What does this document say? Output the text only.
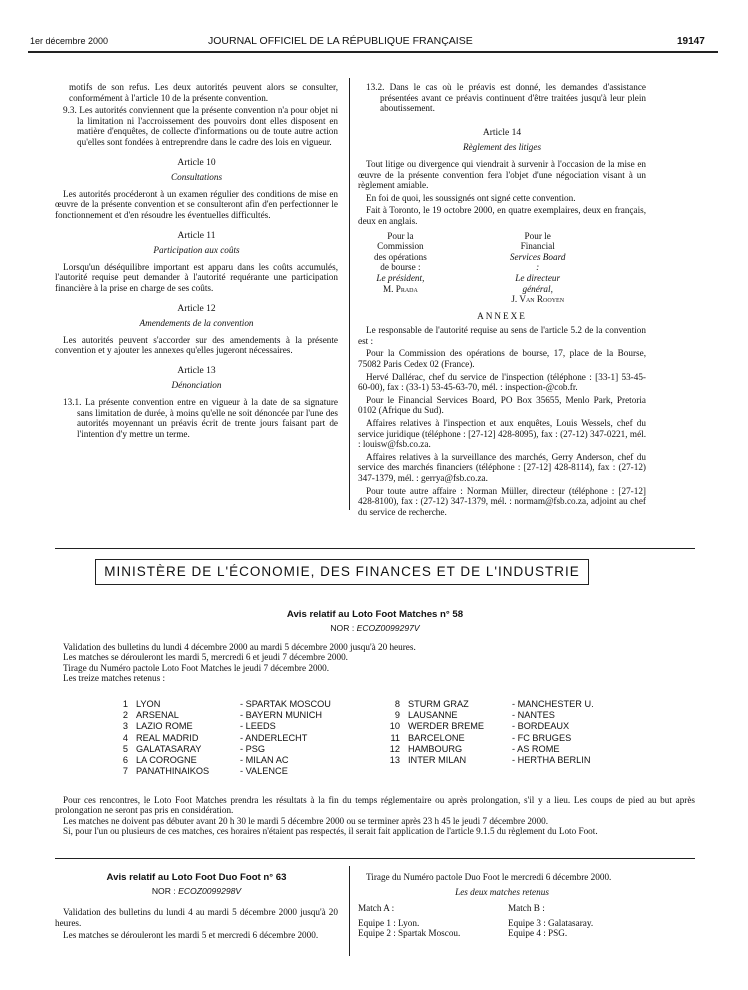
1er décembre 2000	JOURNAL OFFICIEL DE LA RÉPUBLIQUE FRANÇAISE	19147

motifs de son refus. Les deux autorités peuvent alors se consulter, conformément à l'article 10 de la présente convention.

9.3. Les autorités conviennent que la présente convention n'a pour objet ni la limitation ni l'accroissement des pouvoirs dont elles disposent en matière d'enquêtes, de collecte d'informations ou de toute autre action qu'elles sont fondées à entreprendre dans le cadre des lois en vigueur.
Article 10
Consultations

Les autorités procéderont à un examen régulier des conditions de mise en œuvre de la présente convention et se consulteront afin d'en perfectionner le fonctionnement et d'en résoudre les éventuelles difficultés.

Article 11
Participation aux coûts

Lorsqu'un déséquilibre important est apparu dans les coûts accumulés, l'autorité requise peut demander à l'autorité requérante une participation financière à la prise en charge de ses coûts.

Article 12
Amendements de la convention

Les autorités peuvent s'accorder sur des amendements à la présente convention et y ajouter les annexes qu'elles jugeront nécessaires.

Article 13
Dénonciation
13.1. La présente convention entre en vigueur à la date de sa signature sans limitation de durée, à moins qu'elle ne soit dénoncée par l'une des autorités moyennant un préavis écrit de trente jours faisant part de l'intention d'y mettre un terme.
13.2. Dans le cas où le préavis est donné, les demandes d'assistance présentées avant ce préavis continuent d'être traitées jusqu'à leur plein aboutissement.
Article 14
Règlement des litiges

Tout litige ou divergence qui viendrait à survenir à l'occasion de la mise en œuvre de la présente convention fera l'objet d'une négociation visant à un règlement amiable.

En foi de quoi, les soussignés ont signé cette convention.

Fait à Toronto, le 19 octobre 2000, en quatre exemplaires, deux en français, deux en anglais.

Pour la Commission
des opérations de bourse :
Le président,
M. Prada
Pour le Financial
Services Board :
Le directeur général,
J. Van Rooyen
ANNEXE

Le responsable de l'autorité requise au sens de l'article 5.2 de la convention est :

Pour la Commission des opérations de bourse, 17, place de la Bourse, 75082 Paris Cedex 02 (France).

Hervé Dallérac, chef du service de l'inspection (téléphone : [33-1] 53-45-60-00), fax : (33-1) 53-45-63-70, mél. : inspection-@cob.fr.

Pour le Financial Services Board, PO Box 35655, Menlo Park, Pretoria 0102 (Afrique du Sud).

Affaires relatives à l'inspection et aux enquêtes, Louis Wessels, chef du service juridique (téléphone : [27-12] 428-8095), fax : (27-12) 347-0221, mél. : louisw@fsb.co.za.

Affaires relatives à la surveillance des marchés, Gerry Anderson, chef du service des marchés financiers (téléphone : [27-12] 428-8114), fax : (27-12) 347-1379, mél. : gerrya@fsb.co.za.

Pour toute autre affaire : Norman Müller, directeur (téléphone : [27-12] 428-8100), fax : (27-12) 347-1379, mél. : normam@fsb.co.za, adjoint au chef du service de recherche.

MINISTÈRE DE L'ÉCONOMIE, DES FINANCES ET DE L'INDUSTRIE
Avis relatif au Loto Foot Matches n° 58
NOR : ECOZ0099297V

Validation des bulletins du lundi 4 décembre 2000 au mardi 5 décembre 2000 jusqu'à 20 heures.

Les matches se dérouleront les mardi 5, mercredi 6 et jeudi 7 décembre 2000.

Tirage du Numéro pactole Loto Foot Matches le jeudi 7 décembre 2000.

Les treize matches retenus :

1 LYON	- SPARTAK MOSCOU
2 ARSENAL	- BAYERN MUNICH
3 LAZIO ROME	- LEEDS
4 REAL MADRID	- ANDERLECHT
5 GALATASARAY	- PSG
6 LA COROGNE	- MILAN AC
7 PANATHINAIKOS	- VALENCE
8 STURM GRAZ	- MANCHESTER U.
9 LAUSANNE	- NANTES
10 WERDER BREME	- BORDEAUX
11 BARCELONE	- FC BRUGES
12 HAMBOURG	- AS ROME
13 INTER MILAN	- HERTHA BERLIN

Pour ces rencontres, le Loto Foot Matches prendra les résultats à la fin du temps réglementaire ou après prolongation, s'il y a lieu. Les coups de pied au but après prolongation ne seront pas pris en considération.

Les matches ne doivent pas débuter avant 20 h 30 le mardi 5 décembre 2000 ou se terminer après 23 h 45 le jeudi 7 décembre 2000.

Si, pour l'un ou plusieurs de ces matches, ces horaires n'étaient pas respectés, il serait fait application de l'article 9.1.5 du règlement du Loto Foot.

Avis relatif au Loto Foot Duo Foot n° 63
NOR : ECOZ0099298V

Validation des bulletins du lundi 4 au mardi 5 décembre 2000 jusqu'à 20 heures.

Les matches se dérouleront les mardi 5 et mercredi 6 décembre 2000.

Tirage du Numéro pactole Duo Foot le mercredi 6 décembre 2000.

Les deux matches retenus
Match A :
Equipe 1 : Lyon.
Equipe 2 : Spartak Moscou.
Match B :
Equipe 3 : Galatasaray.
Equipe 4 : PSG.
